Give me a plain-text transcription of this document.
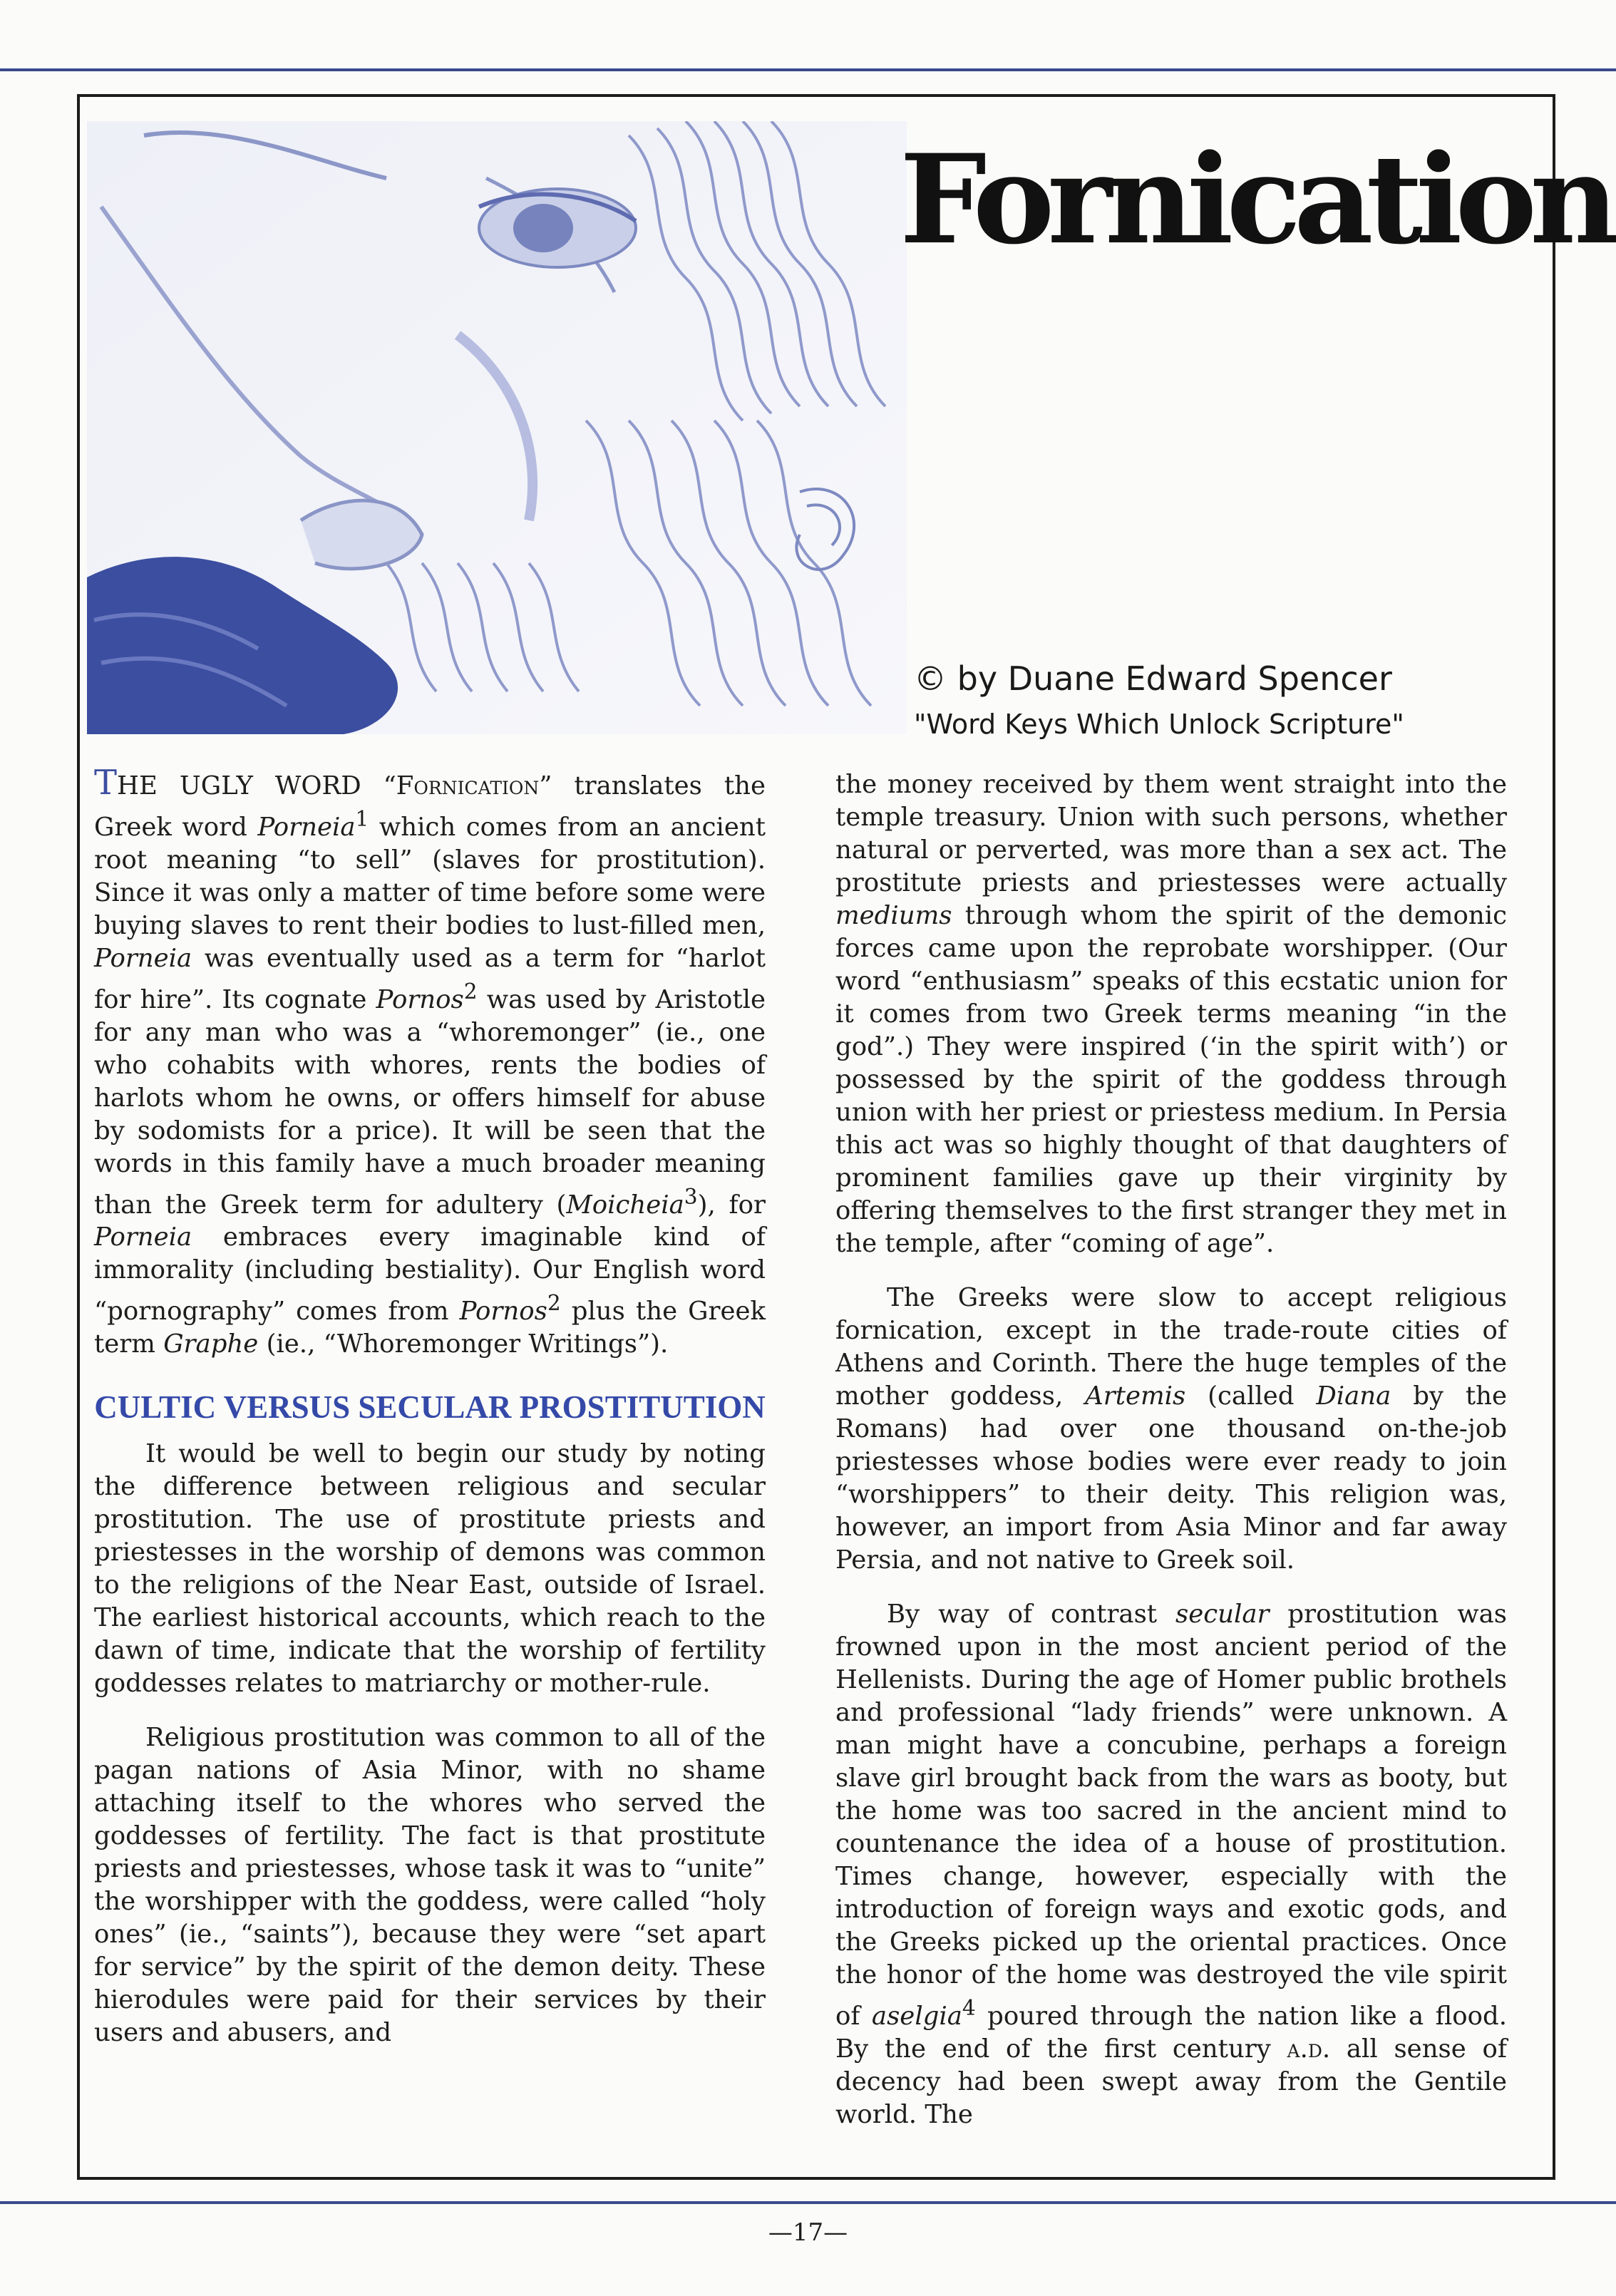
Fornication

© by Duane Edward Spencer

"Word Keys Which Unlock Scripture"

THE UGLY WORD “Fornication” translates the Greek word Porneia$^1$ which comes from an ancient root meaning “to sell” (slaves for prostitution). Since it was only a matter of time before some were buying slaves to rent their bodies to lust-filled men, Porneia was eventually used as a term for “harlot for hire”. Its cognate Pornos$^2$ was used by Aristotle for any man who was a “whoremonger” (ie., one who cohabits with whores, rents the bodies of harlots whom he owns, or offers himself for abuse by sodomists for a price). It will be seen that the words in this family have a much broader meaning than the Greek term for adultery (Moicheia$^3$), for Porneia embraces every imaginable kind of immorality (including bestiality). Our English word “pornography” comes from Pornos$^2$ plus the Greek term Graphe (ie., “Whoremonger Writings”).

CULTIC VERSUS SECULAR PROSTITUTION

It would be well to begin our study by noting the difference between religious and secular prostitution. The use of prostitute priests and priestesses in the worship of demons was common to the religions of the Near East, outside of Israel. The earliest historical accounts, which reach to the dawn of time, indicate that the worship of fertility goddesses relates to matriarchy or mother-rule.

Religious prostitution was common to all of the pagan nations of Asia Minor, with no shame attaching itself to the whores who served the goddesses of fertility. The fact is that prostitute priests and priestesses, whose task it was to “unite” the worshipper with the goddess, were called “holy ones” (ie., “saints”), because they were “set apart for service” by the spirit of the demon deity. These hierodules were paid for their services by their users and abusers, and

the money received by them went straight into the temple treasury. Union with such persons, whether natural or perverted, was more than a sex act. The prostitute priests and priestesses were actually mediums through whom the spirit of the demonic forces came upon the reprobate worshipper. (Our word “enthusiasm” speaks of this ecstatic union for it comes from two Greek terms meaning “in the god”.) They were inspired (‘in the spirit with’) or possessed by the spirit of the goddess through union with her priest or priestess medium. In Persia this act was so highly thought of that daughters of prominent families gave up their virginity by offering themselves to the first stranger they met in the temple, after “coming of age”.

The Greeks were slow to accept religious fornication, except in the trade-route cities of Athens and Corinth. There the huge temples of the mother goddess, Artemis (called Diana by the Romans) had over one thousand on-the-job priestesses whose bodies were ever ready to join “worshippers” to their deity. This religion was, however, an import from Asia Minor and far away Persia, and not native to Greek soil.

By way of contrast secular prostitution was frowned upon in the most ancient period of the Hellenists. During the age of Homer public brothels and professional “lady friends” were unknown. A man might have a concubine, perhaps a foreign slave girl brought back from the wars as booty, but the home was too sacred in the ancient mind to countenance the idea of a house of prostitution. Times change, however, especially with the introduction of foreign ways and exotic gods, and the Greeks picked up the oriental practices. Once the honor of the home was destroyed the vile spirit of aselgia$^4$ poured through the nation like a flood. By the end of the first century a.d. all sense of decency had been swept away from the Gentile world. The

—17—
